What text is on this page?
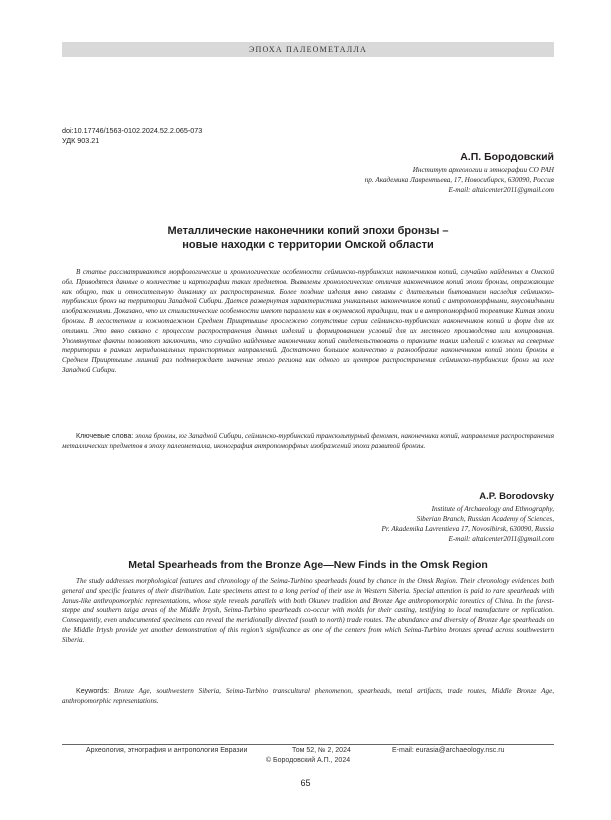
ЭПОХА ПАЛЕОМЕТАЛЛА
doi:10.17746/1563-0102.2024.52.2.065-073
УДК 903.21
А.П. Бородовский
Институт археологии и этнографии СО РАН
пр. Академика Лаврентьева, 17, Новосибирск, 630090, Россия
E-mail: altaicenter2011@gmail.com
Металлические наконечники копий эпохи бронзы –
новые находки с территории Омской области

В статье рассматриваются морфологические и хронологические особенности сейминско-турбинских наконечников копий, случайно найденных в Омской обл. Приводятся данные о количестве и картографии таких предметов. Выявлены хронологические отличия наконечников копий эпохи бронзы, отражающие как общую, так и относительную динамику их распространения. Более поздние изделия явно связаны с длительным бытованием наследия сейминско-турбинских бронз на территории Западной Сибири. Дается развернутая характеристика уникальных наконечников копий с антропоморфными, янусовидными изображениями. Доказано, что их стилистические особенности имеют параллели как в окуневской традиции, так и в антропоморфной торевтике Китая эпохи бронзы. В лесостепном и южнотаежном Среднем Прииртышье прослежено сопутствие серии сейминско-турбинских наконечников копий и форм для их отливки. Это явно связано с процессом распространения данных изделий и формированием условий для их местного производства или копирования. Упомянутые факты позволяют заключить, что случайно найденные наконечники копий свидетельствовать о транзите таких изделий с южных на северные территории в рамках меридиональных транспортных направлений. Достаточно большое количество и разнообразие наконечников копий эпохи бронзы в Среднем Прииртышье лишний раз подтверждает значение этого региона как одного из центров распространения сейминско-турбинских бронз на юге Западной Сибири.

Ключевые слова: эпоха бронзы, юг Западной Сибири, сейминско-турбинский трансюльтурный феномен, наконечники копий, направления распространения металлических предметов в эпоху палеометалла, иконография антропоморфных изображений эпохи развитой бронзы.
A.P. Borodovsky
Institute of Archaeology and Ethnography,
Siberian Branch, Russian Academy of Sciences,
Pr. Akademika Lavrentieva 17, Novosibirsk, 630090, Russia
E-mail: altaicenter2011@gmail.com
Metal Spearheads from the Bronze Age—New Finds in the Omsk Region

The study addresses morphological features and chronology of the Seima-Turbino spearheads found by chance in the Omsk Region. Their chronology evidences both general and specific features of their distribution. Late specimens attest to a long period of their use in Western Siberia. Special attention is paid to rare spearheads with Janus-like anthropomorphic representations, whose style reveals parallels with both Okunev tradition and Bronze Age anthropomorphic toreutics of China. In the forest-steppe and southern taiga areas of the Middle Irtysh, Seima-Turbino spearheads co-occur with molds for their casting, testifying to local manufacture or replication. Consequently, even undocumented specimens can reveal the meridionally directed (south to north) trade routes. The abundance and diversity of Bronze Age spearheads on the Middle Irtysh provide yet another demonstration of this region’s significance as one of the centers from which Seima-Turbino bronzes spread across southwestern Siberia.

Keywords: Bronze Age, southwestern Siberia, Seima-Turbino transcultural phenomenon, spearheads, metal artifacts, trade routes, Middle Bronze Age, anthropomorphic representations.
Археология, этнография и антропология Евразии	Том 52, № 2, 2024	E-mail: eurasia@archaeology.nsc.ru
© Бородовский А.П., 2024
65
